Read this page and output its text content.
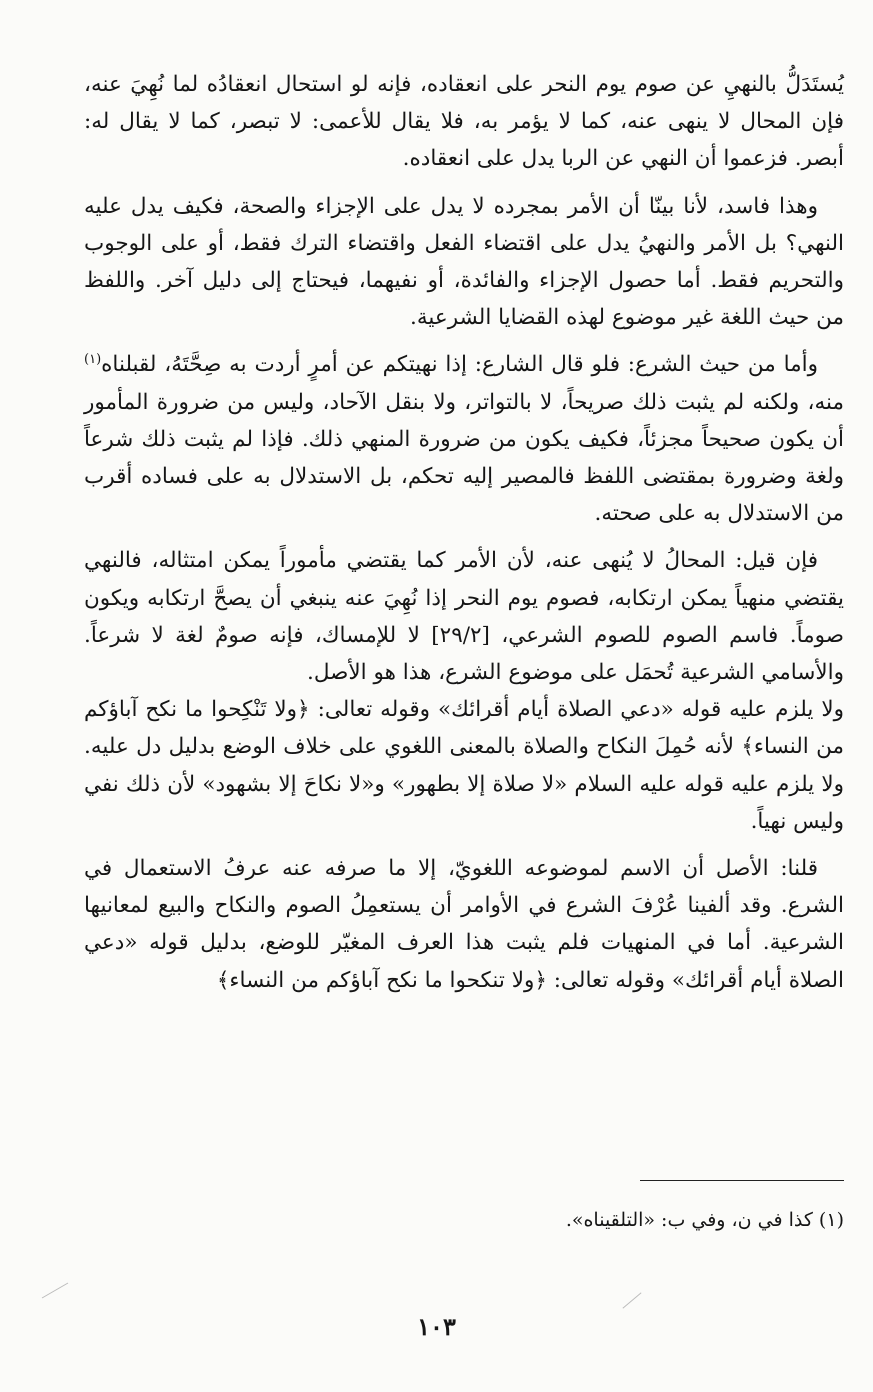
يُستَدَلُّ بالنهيِ عن صوم يوم النحر على انعقاده، فإنه لو استحال انعقادُه لما نُهِيَ عنه، فإن المحال لا ينهى عنه، كما لا يؤمر به، فلا يقال للأعمى: لا تبصر، كما لا يقال له: أبصر. فزعموا أن النهي عن الربا يدل على انعقاده.

وهذا فاسد، لأنا بينّا أن الأمر بمجرده لا يدل على الإجزاء والصحة، فكيف يدل عليه النهي؟ بل الأمر والنهيُ يدل على اقتضاء الفعل واقتضاء الترك فقط، أو على الوجوب والتحريم فقط. أما حصول الإجزاء والفائدة، أو نفيهما، فيحتاج إلى دليل آخر. واللفظ من حيث اللغة غير موضوع لهذه القضايا الشرعية.

وأما من حيث الشرع: فلو قال الشارع: إذا نهيتكم عن أمرٍ أردت به صِحَّتَهُ، لقبلناه$^{(١)}$ منه، ولكنه لم يثبت ذلك صريحاً، لا بالتواتر، ولا بنقل الآحاد، وليس من ضرورة المأمور أن يكون صحيحاً مجزئاً، فكيف يكون من ضرورة المنهي ذلك. فإذا لم يثبت ذلك شرعاً ولغة وضرورة بمقتضى اللفظ فالمصير إليه تحكم، بل الاستدلال به على فساده أقرب من الاستدلال به على صحته.

فإن قيل: المحالُ لا يُنهى عنه، لأن الأمر كما يقتضي مأموراً يمكن امتثاله، فالنهي يقتضي منهياً يمكن ارتكابه، فصوم يوم النحر إذا نُهِيَ عنه ينبغي أن يصحَّ ارتكابه ويكون صوماً. فاسم الصوم للصوم الشرعي، [٢٩/٢] لا للإمساك، فإنه صومٌ لغة لا شرعاً. والأسامي الشرعية تُحمَل على موضوع الشرع، هذا هو الأصل.

ولا يلزم عليه قوله «دعي الصلاة أيام أقرائك» وقوله تعالى: ﴿ولا تَنْكِحوا ما نكح آباؤكم من النساء﴾ لأنه حُمِلَ النكاح والصلاة بالمعنى اللغوي على خلاف الوضع بدليل دل عليه. ولا يلزم عليه قوله عليه السلام «لا صلاة إلا بطهور» و«لا نكاحَ إلا بشهود» لأن ذلك نفي وليس نهياً.

قلنا: الأصل أن الاسم لموضوعه اللغويّ، إلا ما صرفه عنه عرفُ الاستعمال في الشرع. وقد ألفينا عُرْفَ الشرع في الأوامر أن يستعمِلُ الصوم والنكاح والبيع لمعانيها الشرعية. أما في المنهيات فلم يثبت هذا العرف المغيّر للوضع، بدليل قوله «دعي الصلاة أيام أقرائك» وقوله تعالى: ﴿ولا تنكحوا ما نكح آباؤكم من النساء﴾

(١) كذا في ن، وفي ب: «التلقيناه».
١٠٣
